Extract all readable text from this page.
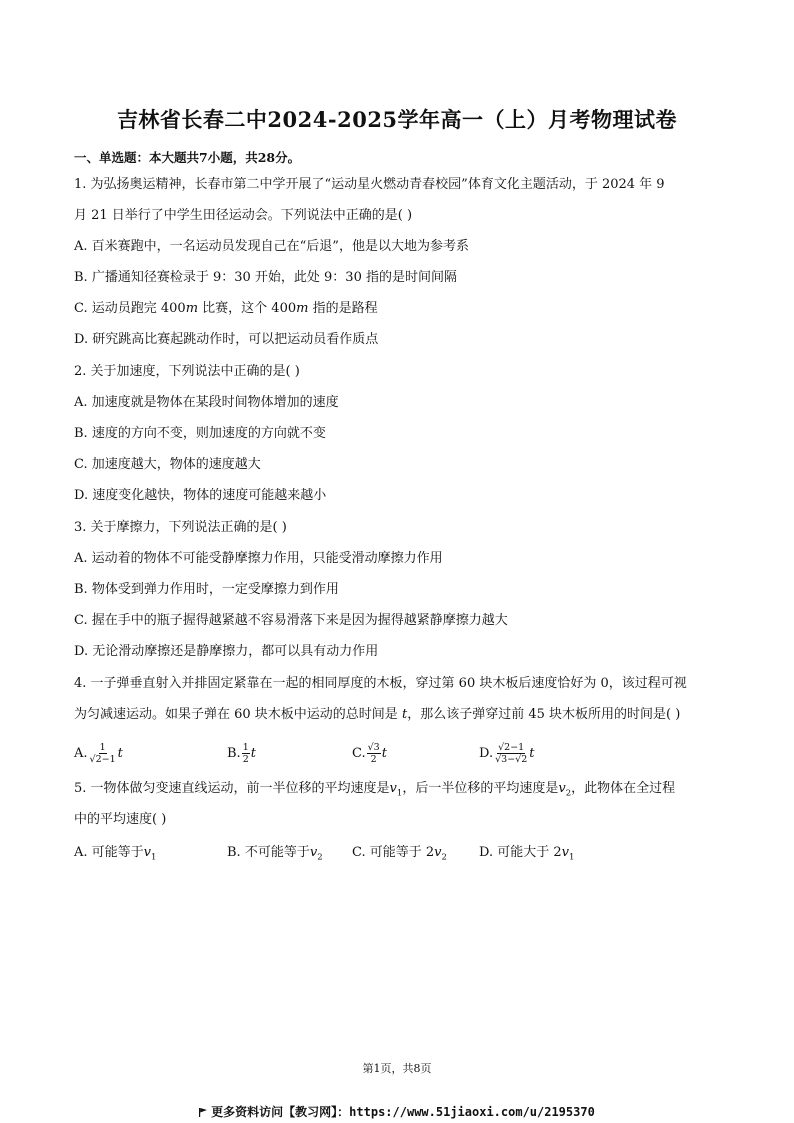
吉林省长春二中2024-2025学年高一（上）月考物理试卷
一、单选题：本大题共7小题，共28分。
1. 为弘扬奥运精神，长春市第二中学开展了“运动星火燃动青春校园”体育文化主题活动，于 2024 年 9
月 21 日举行了中学生田径运动会。下列说法中正确的是( )
A. 百米赛跑中，一名运动员发现自己在“后退”，他是以大地为参考系
B. 广播通知径赛检录于 9：30 开始，此处 9：30 指的是时间间隔
C. 运动员跑完 400m 比赛，这个 400m 指的是路程
D. 研究跳高比赛起跳动作时，可以把运动员看作质点
2. 关于加速度，下列说法中正确的是( )
A. 加速度就是物体在某段时间物体增加的速度
B. 速度的方向不变，则加速度的方向就不变
C. 加速度越大，物体的速度越大
D. 速度变化越快，物体的速度可能越来越小
3. 关于摩擦力，下列说法正确的是( )
A. 运动着的物体不可能受静摩擦力作用，只能受滑动摩擦力作用
B. 物体受到弹力作用时，一定受摩擦力到作用
C. 握在手中的瓶子握得越紧越不容易滑落下来是因为握得越紧静摩擦力越大
D. 无论滑动摩擦还是静摩擦力，都可以具有动力作用
4. 一子弹垂直射入并排固定紧靠在一起的相同厚度的木板，穿过第 60 块木板后速度恰好为 0，该过程可视
为匀减速运动。如果子弹在 60 块木板中运动的总时间是 t，那么该子弹穿过前 45 块木板所用的时间是( )
A. $\frac{1}{√2-1}$ t	B. $\frac{1}{2}$ t	C. $\frac{√3}{2}$ t	D. $\frac{√2-1}{√3-√2}$ t
5. 一物体做匀变速直线运动，前一半位移的平均速度是$v_1$，后一半位移的平均速度是$v_2$，此物体在全过程
中的平均速度( )
A. 可能等于$v_1$	B. 不可能等于$v_2$ C. 可能等于 $2v_2$ D. 可能大于 $2v_1$
第1页，共8页
更多资料访问【教习网】：https://www.51jiaoxi.com/u/2195370
